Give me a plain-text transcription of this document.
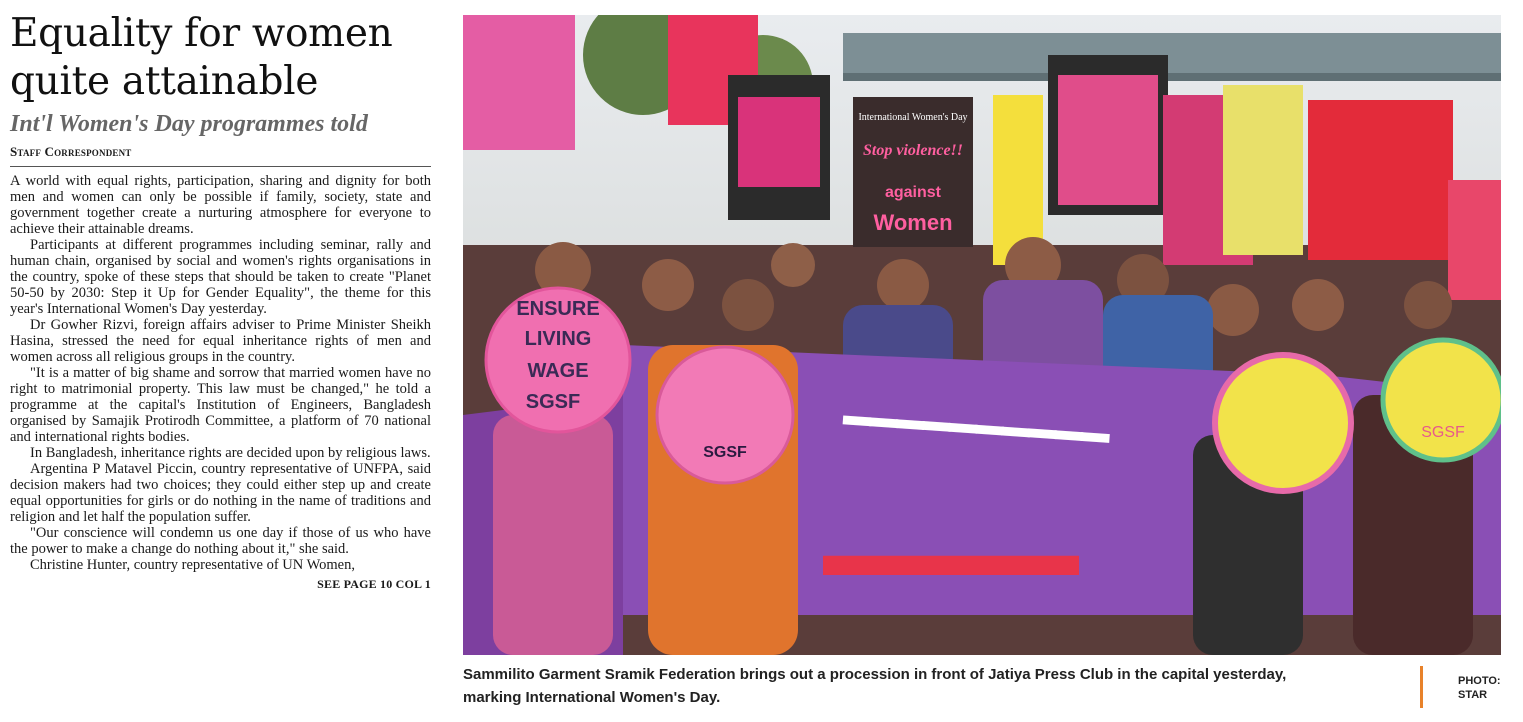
Equality for women
quite attainable
Int'l Women's Day programmes told
Staff Correspondent

A world with equal rights, participation, sharing and dignity for both men and women can only be possible if family, society, state and government together create a nurturing atmosphere for everyone to achieve their attainable dreams.

Participants at different programmes including seminar, rally and human chain, organised by social and women's rights organisations in the country, spoke of these steps that should be taken to create "Planet 50-50 by 2030: Step it Up for Gender Equality", the theme for this year's International Women's Day yesterday.

Dr Gowher Rizvi, foreign affairs adviser to Prime Minister Sheikh Hasina, stressed the need for equal inheritance rights of men and women across all religious groups in the country.

"It is a matter of big shame and sorrow that married women have no right to matrimonial property. This law must be changed," he told a programme at the capital's Institution of Engineers, Bangladesh organised by Samajik Protirodh Committee, a platform of 70 national and international rights bodies.

In Bangladesh, inheritance rights are decided upon by religious laws.

Argentina P Matavel Piccin, country representative of UNFPA, said decision makers had two choices; they could either step up and create equal opportunities for girls or do nothing in the name of traditions and religion and let half the population suffer.

"Our conscience will condemn us one day if those of us who have the power to make a change do nothing about it," she said.

Christine Hunter, country representative of UN Women,

SEE PAGE 10 COL 1
International Women's Day
Stop violence!!
against
Women
━━━━━━━━━━
▬▬▬▬
ENSURE
LIVING
WAGE
SGSF
SGSF
SGSF
Sammilito Garment Sramik Federation brings out a procession in front of Jatiya Press Club in the capital yesterday,
marking International Women's Day.
PHOTO:
STAR
